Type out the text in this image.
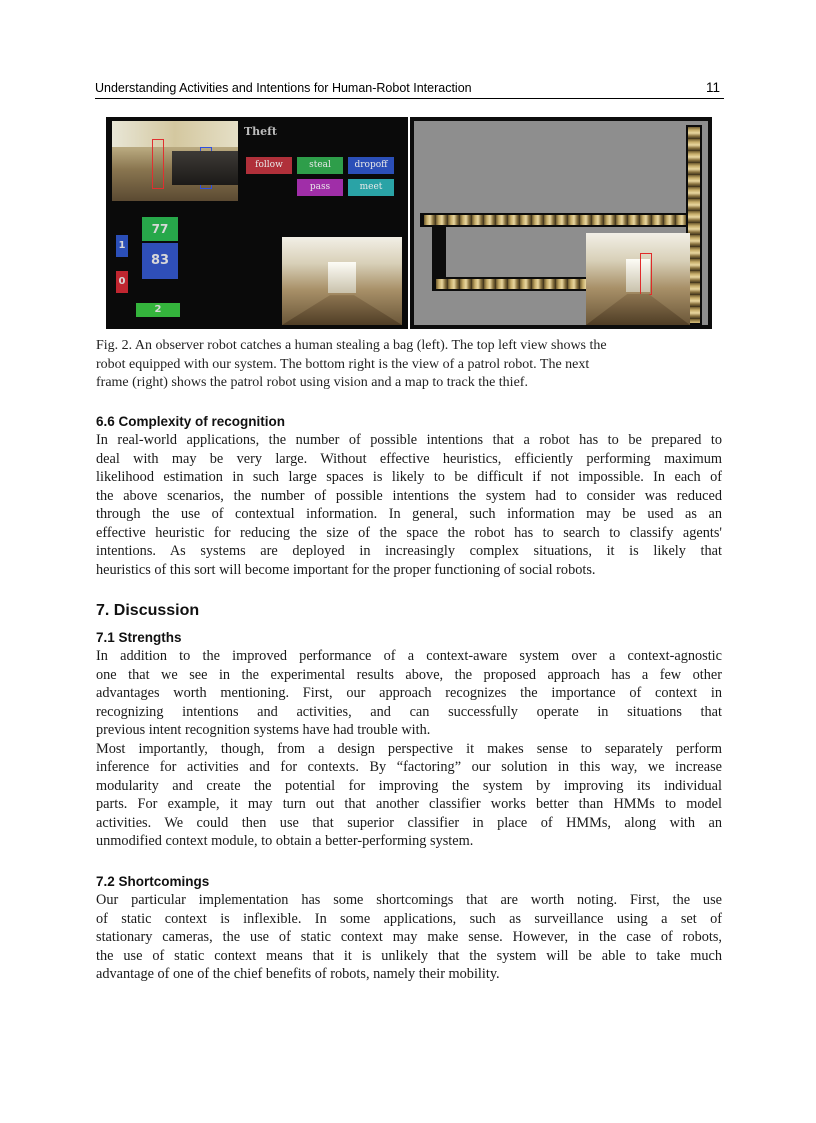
Understanding Activities and Intentions for Human-Robot Interaction	11
Theft
follow	steal	dropoff
pass	meet
77
83
1
0
2
Fig. 2. An observer robot catches a human stealing a bag (left). The top left view shows the
robot equipped with our system. The bottom right is the view of a patrol robot. The next
frame (right) shows the patrol robot using vision and a map to track the thief.
6.6 Complexity of recognition
In real-world applications, the number of possible intentions that a robot has to be prepared to
deal with may be very large. Without effective heuristics, efficiently performing maximum
likelihood estimation in such large spaces is likely to be difficult if not impossible. In each of
the above scenarios, the number of possible intentions the system had to consider was reduced
through the use of contextual information. In general, such information may be used as an
effective heuristic for reducing the size of the space the robot has to search to classify agents'
intentions. As systems are deployed in increasingly complex situations, it is likely that
heuristics of this sort will become important for the proper functioning of social robots.
7. Discussion
7.1 Strengths
In addition to the improved performance of a context-aware system over a context-agnostic
one that we see in the experimental results above, the proposed approach has a few other
advantages worth mentioning. First, our approach recognizes the importance of context in
recognizing intentions and activities, and can successfully operate in situations that
previous intent recognition systems have had trouble with.
Most importantly, though, from a design perspective it makes sense to separately perform
inference for activities and for contexts. By “factoring” our solution in this way, we increase
modularity and create the potential for improving the system by improving its individual
parts. For example, it may turn out that another classifier works better than HMMs to model
activities. We could then use that superior classifier in place of HMMs, along with an
unmodified context module, to obtain a better-performing system.
7.2 Shortcomings
Our particular implementation has some shortcomings that are worth noting. First, the use
of static context is inflexible. In some applications, such as surveillance using a set of
stationary cameras, the use of static context may make sense. However, in the case of robots,
the use of static context means that it is unlikely that the system will be able to take much
advantage of one of the chief benefits of robots, namely their mobility.
